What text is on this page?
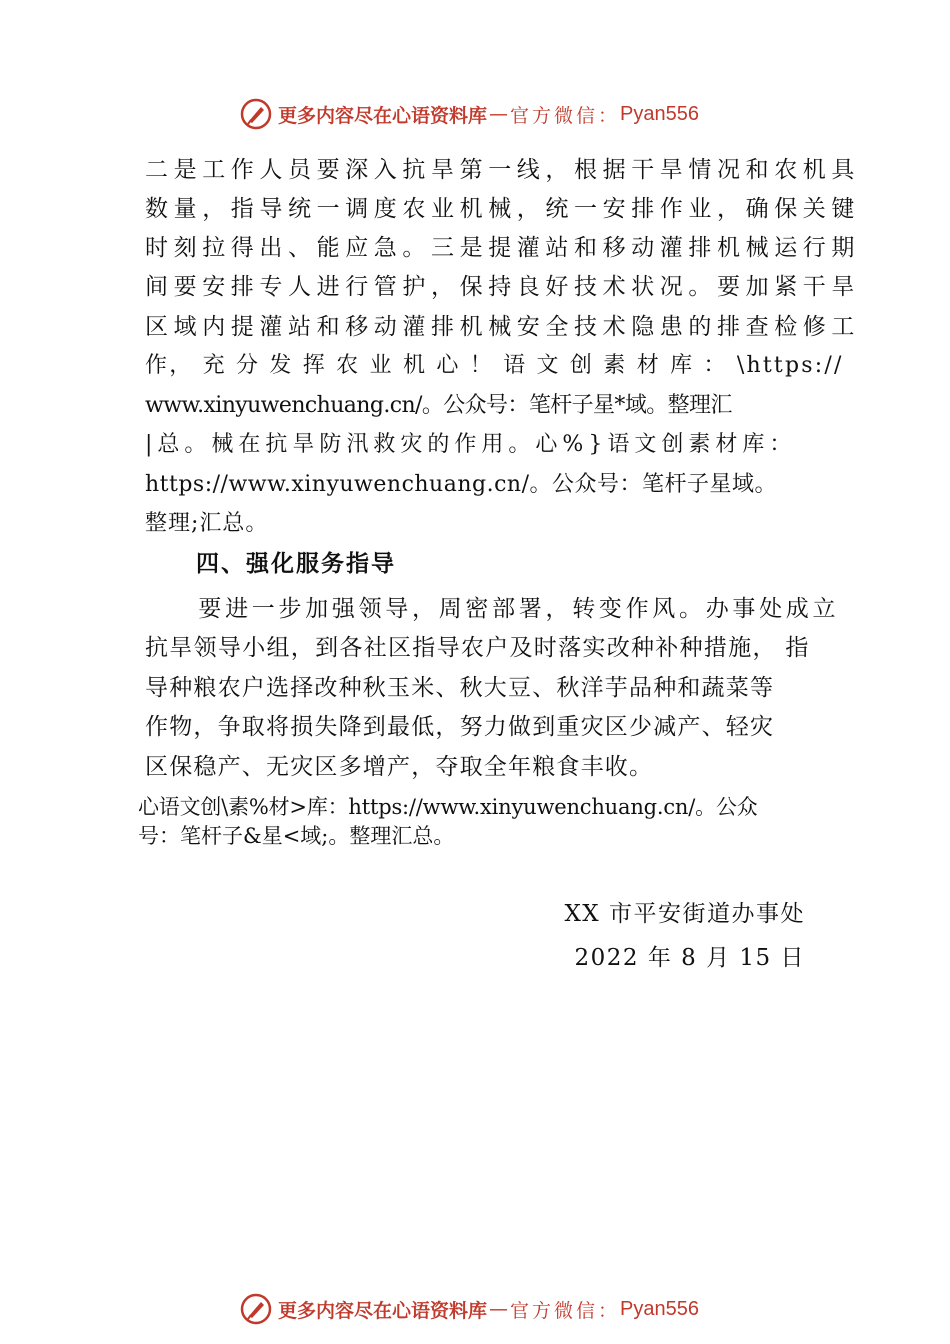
更多内容尽在心语资料库 — 官方微信： Pyan556
二是工作人员要深入抗旱第一线，根据干旱情况和农机具
数量，指导统一调度农业机械，统一安排作业，确保关键
时刻拉得出、能应急。三是提灌站和移动灌排机械运行期
间要安排专人进行管护，保持良好技术状况。要加紧干旱
区域内提灌站和移动灌排机械安全技术隐患的排查检修工
作， 充 分 发 挥 农 业 机 心 ！ 语 文 创 素 材 库 ： \https://
www.xinyuwenchuang.cn/。公众号：笔杆子星*域。整理汇
|总。械在抗旱防汛救灾的作用。心%}语文创素材库：
https://www.xinyuwenchuang.cn/。公众号：笔杆子星域。
整理;汇总。
四、强化服务指导
　　要进一步加强领导，周密部署，转变作风。办事处成立
抗旱领导小组，到各社区指导农户及时落实改种补种措施， 指
导种粮农户选择改种秋玉米、秋大豆、秋洋芋品种和蔬菜等
作物，争取将损失降到最低，努力做到重灾区少减产、轻灾
区保稳产、无灾区多增产，夺取全年粮食丰收。
心语文创\素%材>库：https://www.xinyuwenchuang.cn/。公众
号：笔杆子&星<域;。整理汇总。
XX 市平安街道办事处
2022 年 8 月 15 日
更多内容尽在心语资料库 — 官方微信： Pyan556
